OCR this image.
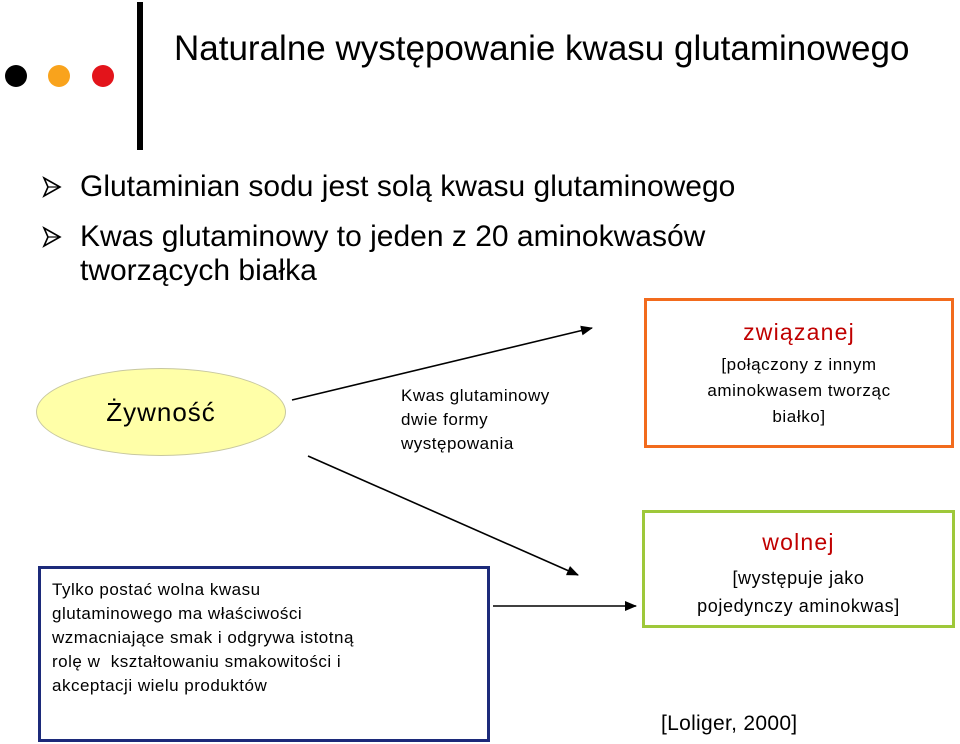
Naturalne występowanie kwasu glutaminowego
Glutaminian sodu jest solą kwasu glutaminowego
Kwas glutaminowy to jeden z 20 aminokwasów tworzących białka
Żywność
Kwas glutaminowy
dwie formy
występowania
związanej
[połączony z innym
aminokwasem tworząc
białko]
wolnej
[występuje jako
pojedynczy aminokwas]
Tylko postać wolna kwasu
glutaminowego ma właściwości
wzmacniające smak i odgrywa istotną
rolę w  kształtowaniu smakowitości i
akceptacji wielu produktów
[Loliger, 2000]
